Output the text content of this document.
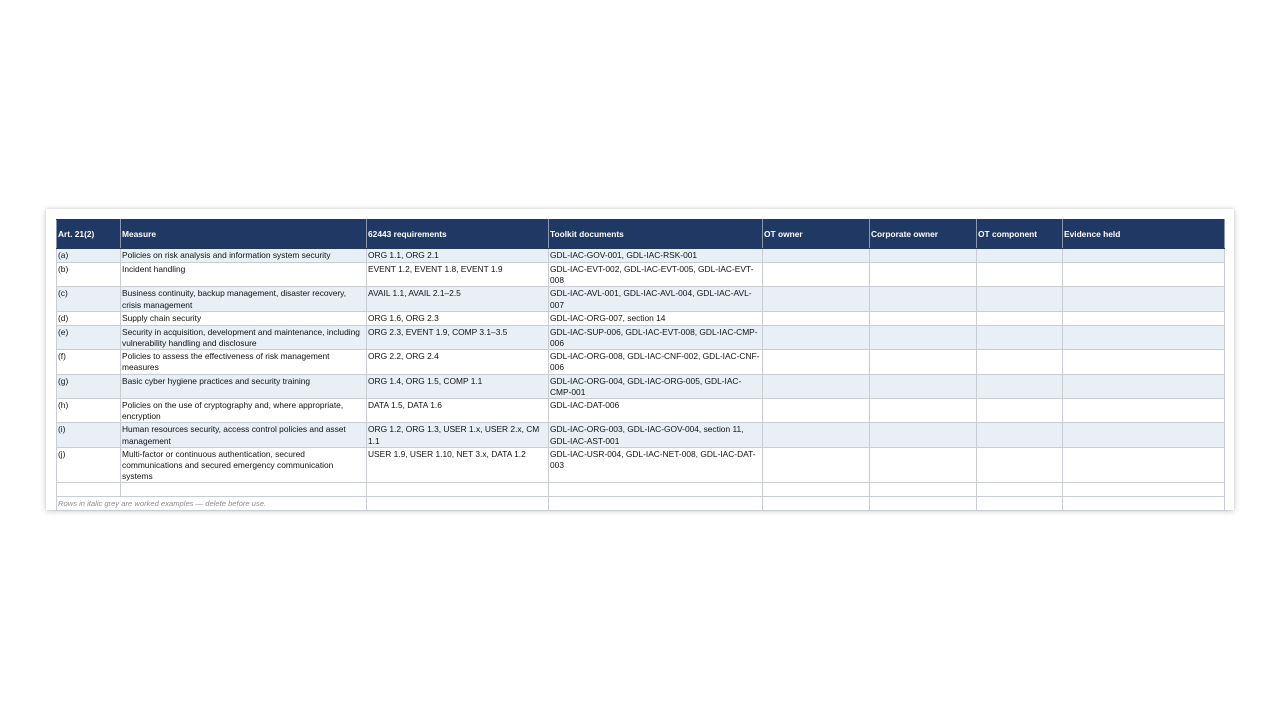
Art. 21(2)	Measure	62443 requirements	Toolkit documents	OT owner	Corporate owner	OT component	Evidence held
(a)	Policies on risk analysis and information system security	ORG 1.1, ORG 2.1	GDL-IAC-GOV-001, GDL-IAC-RSK-001				
(b)	Incident handling	EVENT 1.2, EVENT 1.8, EVENT 1.9	GDL-IAC-EVT-002, GDL-IAC-EVT-005, GDL-IAC-EVT-008				
(c)	Business continuity, backup management, disaster recovery, crisis management	AVAIL 1.1, AVAIL 2.1–2.5	GDL-IAC-AVL-001, GDL-IAC-AVL-004, GDL-IAC-AVL-007				
(d)	Supply chain security	ORG 1.6, ORG 2.3	GDL-IAC-ORG-007, section 14				
(e)	Security in acquisition, development and maintenance, including vulnerability handling and disclosure	ORG 2.3, EVENT 1.9, COMP 3.1–3.5	GDL-IAC-SUP-006, GDL-IAC-EVT-008, GDL-IAC-CMP-006				
(f)	Policies to assess the effectiveness of risk management measures	ORG 2.2, ORG 2.4	GDL-IAC-ORG-008, GDL-IAC-CNF-002, GDL-IAC-CNF-006				
(g)	Basic cyber hygiene practices and security training	ORG 1.4, ORG 1.5, COMP 1.1	GDL-IAC-ORG-004, GDL-IAC-ORG-005, GDL-IAC-CMP-001				
(h)	Policies on the use of cryptography and, where appropriate, encryption	DATA 1.5, DATA 1.6	GDL-IAC-DAT-006				
(i)	Human resources security, access control policies and asset management	ORG 1.2, ORG 1.3, USER 1.x, USER 2.x, CM 1.1	GDL-IAC-ORG-003, GDL-IAC-GOV-004, section 11, GDL-IAC-AST-001				
(j)	Multi-factor or continuous authentication, secured communications and secured emergency communication systems	USER 1.9, USER 1.10, NET 3.x, DATA 1.2	GDL-IAC-USR-004, GDL-IAC-NET-008, GDL-IAC-DAT-003				

Rows in italic grey are worked examples — delete before use.							
